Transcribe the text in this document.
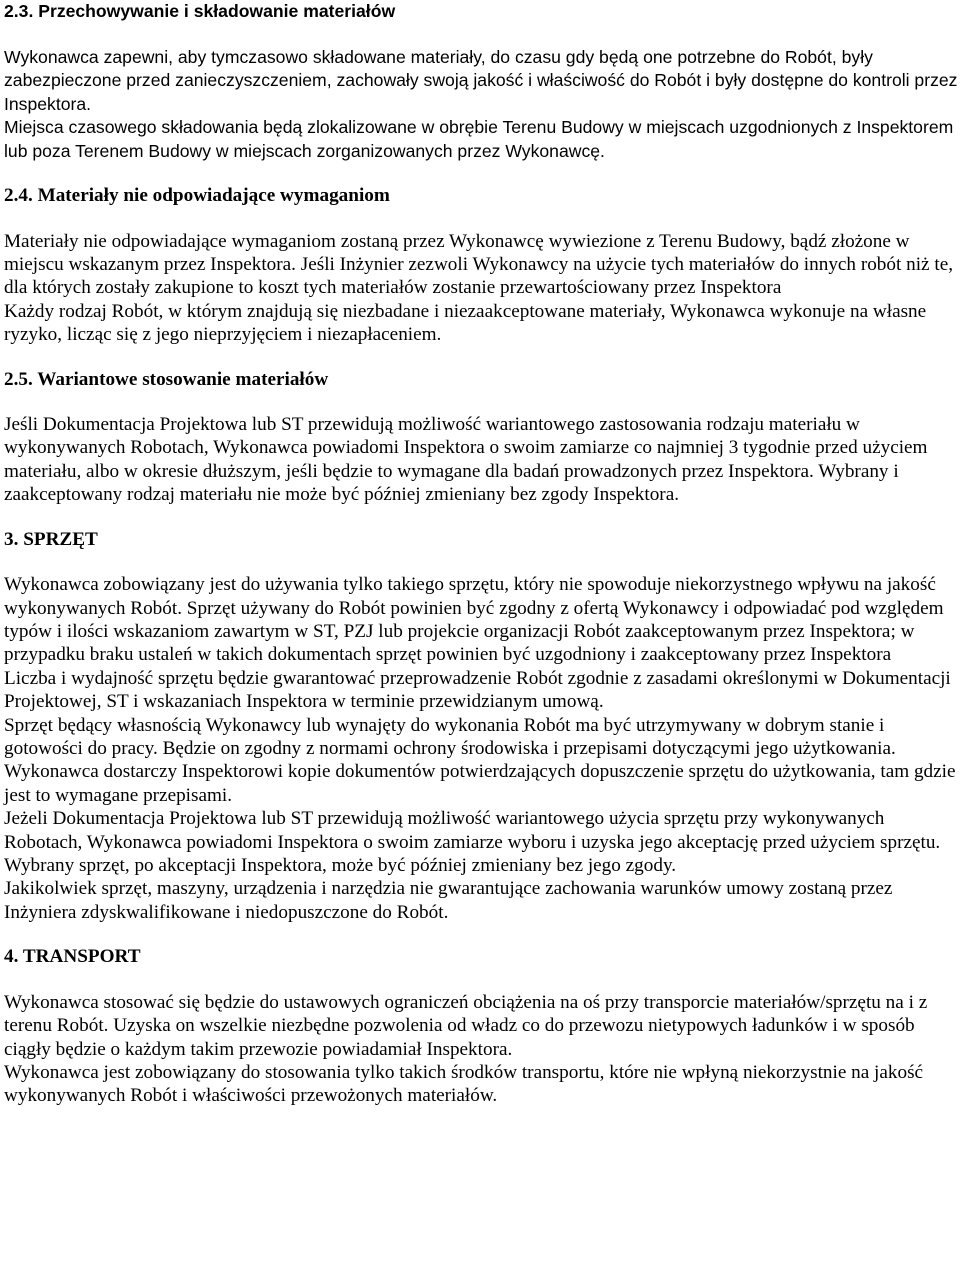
2.3. Przechowywanie i składowanie materiałów

Wykonawca zapewni, aby tymczasowo składowane materiały, do czasu gdy będą one potrzebne do Robót, były zabezpieczone przed zanieczyszczeniem, zachowały swoją jakość i właściwość do Robót i były dostępne do kontroli przez Inspektora.

Miejsca czasowego składowania będą zlokalizowane w obrębie Terenu Budowy w miejscach uzgodnionych z Inspektorem lub poza Terenem Budowy w miejscach zorganizowanych przez Wykonawcę.

2.4. Materiały nie odpowiadające wymaganiom

Materiały nie odpowiadające wymaganiom zostaną przez Wykonawcę wywiezione z Terenu Budowy, bądź złożone w miejscu wskazanym przez Inspektora. Jeśli Inżynier zezwoli Wykonawcy na użycie tych materiałów do innych robót niż te, dla których zostały zakupione to koszt tych materiałów zostanie przewartościowany przez Inspektora

Każdy rodzaj Robót, w którym znajdują się niezbadane i niezaakceptowane materiały, Wykonawca wykonuje na własne ryzyko, licząc się z jego nieprzyjęciem i niezapłaceniem.

2.5. Wariantowe stosowanie materiałów

Jeśli Dokumentacja Projektowa lub ST przewidują możliwość wariantowego zastosowania rodzaju materiału w wykonywanych Robotach, Wykonawca powiadomi Inspektora o swoim zamiarze co najmniej 3 tygodnie przed użyciem materiału, albo w okresie dłuższym, jeśli będzie to wymagane dla badań prowadzonych przez Inspektora. Wybrany i zaakceptowany rodzaj materiału nie może być później zmieniany bez zgody Inspektora.

3. SPRZĘT

Wykonawca zobowiązany jest do używania tylko takiego sprzętu, który nie spowoduje niekorzystnego wpływu na jakość wykonywanych Robót. Sprzęt używany do Robót powinien być zgodny z ofertą Wykonawcy i odpowiadać pod względem typów i ilości wskazaniom zawartym w ST, PZJ lub projekcie organizacji Robót zaakceptowanym przez Inspektora; w przypadku braku ustaleń w takich dokumentach sprzęt powinien być uzgodniony i zaakceptowany przez Inspektora

Liczba i wydajność sprzętu będzie gwarantować przeprowadzenie Robót zgodnie z zasadami określonymi w Dokumentacji Projektowej, ST i wskazaniach Inspektora w terminie przewidzianym umową.

Sprzęt będący własnością Wykonawcy lub wynajęty do wykonania Robót ma być utrzymywany w dobrym stanie i gotowości do pracy. Będzie on zgodny z normami ochrony środowiska i przepisami dotyczącymi jego użytkowania.

Wykonawca dostarczy Inspektorowi kopie dokumentów potwierdzających dopuszczenie sprzętu do użytkowania, tam gdzie jest to wymagane przepisami.

Jeżeli Dokumentacja Projektowa lub ST przewidują możliwość wariantowego użycia sprzętu przy wykonywanych Robotach, Wykonawca powiadomi Inspektora o swoim zamiarze wyboru i uzyska jego akceptację przed użyciem sprzętu. Wybrany sprzęt, po akceptacji Inspektora, może być później zmieniany bez jego zgody.

Jakikolwiek sprzęt, maszyny, urządzenia i narzędzia nie gwarantujące zachowania warunków umowy zostaną przez Inżyniera zdyskwalifikowane i niedopuszczone do Robót.

4. TRANSPORT

Wykonawca stosować się będzie do ustawowych ograniczeń obciążenia na oś przy transporcie materiałów/sprzętu na i z terenu Robót. Uzyska on wszelkie niezbędne pozwolenia od władz co do przewozu nietypowych ładunków i w sposób ciągły będzie o każdym takim przewozie powiadamiał Inspektora.

Wykonawca jest zobowiązany do stosowania tylko takich środków transportu, które nie wpłyną niekorzystnie na jakość wykonywanych Robót i właściwości przewożonych materiałów.
